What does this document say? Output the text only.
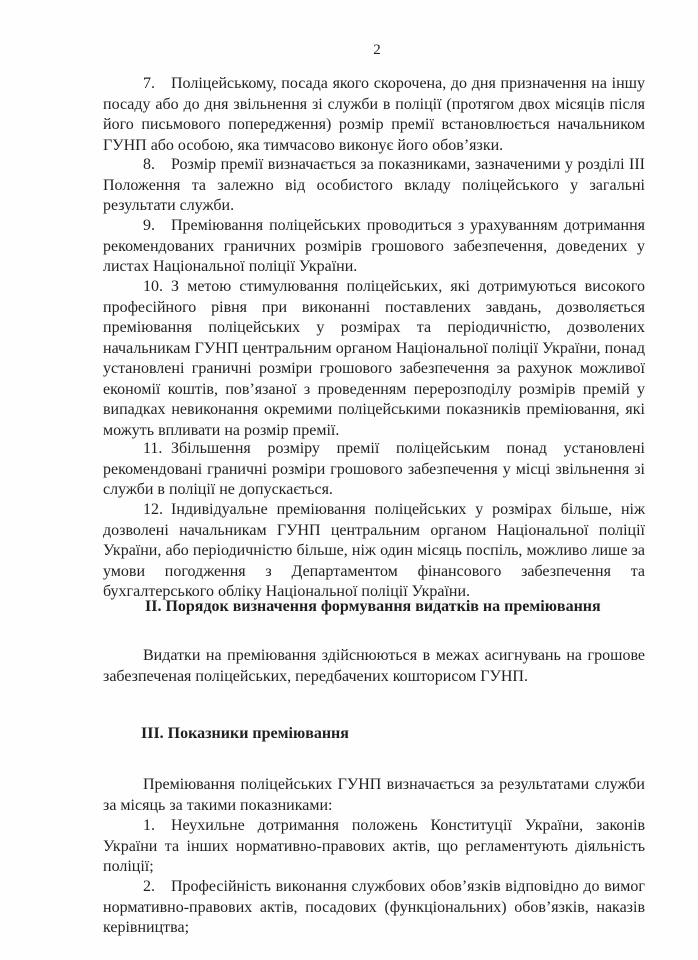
2
7. Поліцейському, посада якого скорочена, до дня призначення на іншу посаду або до дня звільнення зі служби в поліції (протягом двох місяців після його письмового попередження) розмір премії встановлюється начальником ГУНП або особою, яка тимчасово виконує його обов’язки.
8. Розмір премії визначається за показниками, зазначеними у розділі III Положення та залежно від особистого вкладу поліцейського у загальні результати служби.
9. Преміювання поліцейських проводиться з урахуванням дотримання рекомендованих граничних розмірів грошового забезпечення, доведених у листах Національної поліції України.
10. З метою стимулювання поліцейських, які дотримуються високого професійного рівня при виконанні поставлених завдань, дозволяється преміювання поліцейських у розмірах та періодичністю, дозволених начальникам ГУНП центральним органом Національної поліції України, понад установлені граничні розміри грошового забезпечення за рахунок можливої економії коштів, пов’язаної з проведенням перерозподілу розмірів премій у випадках невиконання окремими поліцейськими показників преміювання, які можуть впливати на розмір премії.
11. Збільшення розміру премії поліцейським понад установлені рекомендовані граничні розміри грошового забезпечення у місці звільнення зі служби в поліції не допускається.
12. Індивідуальне преміювання поліцейських у розмірах більше, ніж дозволені начальникам ГУНП центральним органом Національної поліції України, або періодичністю більше, ніж один місяць поспіль, можливо лише за умови погодження з Департаментом фінансового забезпечення та бухгалтерського обліку Національної поліції України.
II. Порядок визначення формування видатків на преміювання
Видатки на преміювання здійснюються в межах асигнувань на грошове забезпеченая поліцейських, передбачених кошторисом ГУНП.
III. Показники преміювання
Преміювання поліцейських ГУНП визначається за результатами служби за місяць за такими показниками:
1. Неухильне дотримання положень Конституції України, законів України та інших нормативно-правових актів, що регламентують діяльність поліції;
2. Професійність виконання службових обов’язків відповідно до вимог нормативно-правових актів, посадових (функціональних) обов’язків, наказів керівництва;
